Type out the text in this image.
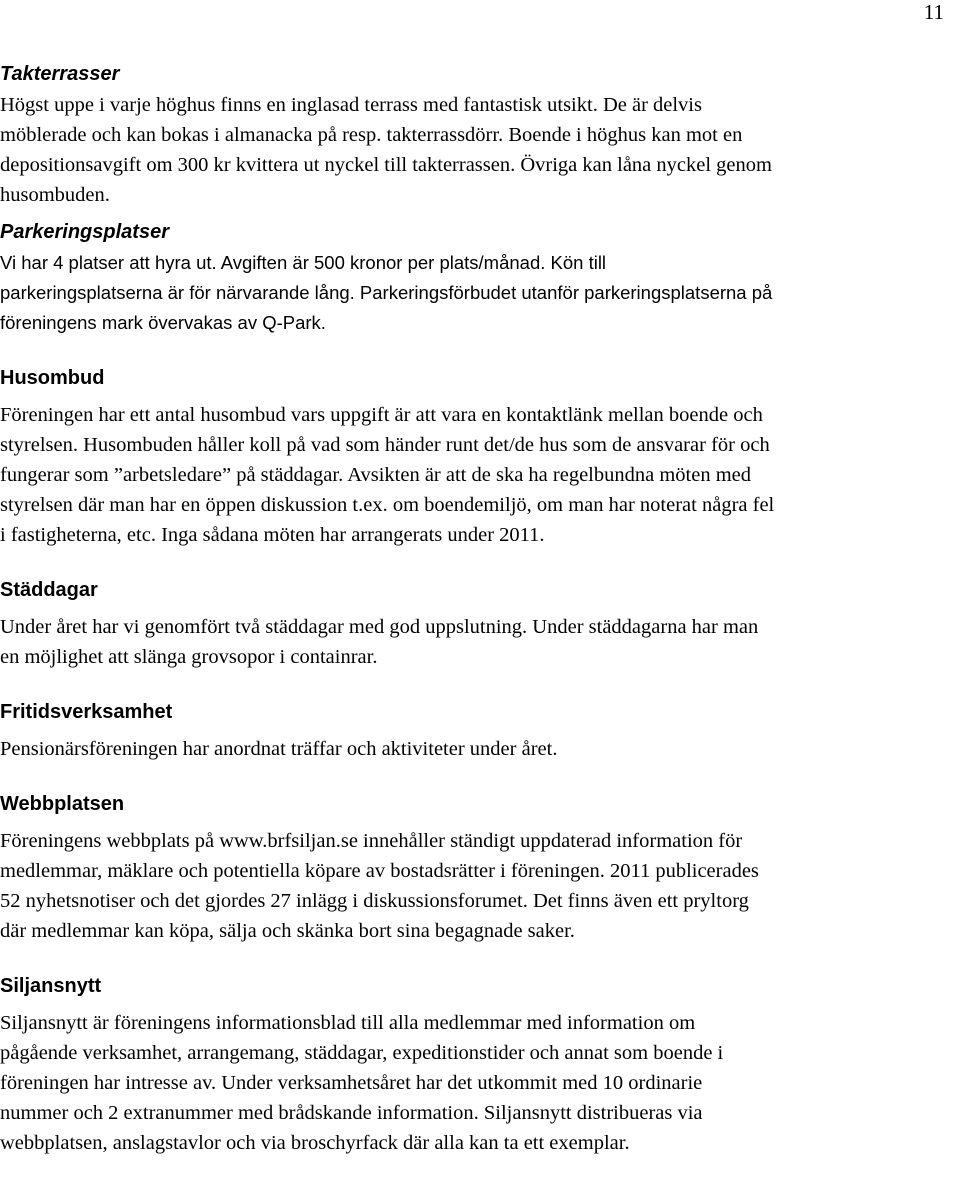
11
Takterrasser
Högst uppe i varje höghus finns en inglasad terrass med fantastisk utsikt. De är delvis
möblerade och kan bokas i almanacka på resp. takterrassdörr. Boende i höghus kan mot en
depositionsavgift om 300 kr kvittera ut nyckel till takterrassen. Övriga kan låna nyckel genom
husombuden.
Parkeringsplatser
Vi har 4 platser att hyra ut. Avgiften är 500 kronor per plats/månad. Kön till
parkeringsplatserna är för närvarande lång. Parkeringsförbudet utanför parkeringsplatserna på
föreningens mark övervakas av Q-Park.
Husombud
Föreningen har ett antal husombud vars uppgift är att vara en kontaktlänk mellan boende och
styrelsen. Husombuden håller koll på vad som händer runt det/de hus som de ansvarar för och
fungerar som ”arbetsledare” på städdagar. Avsikten är att de ska ha regelbundna möten med
styrelsen där man har en öppen diskussion t.ex. om boendemiljö, om man har noterat några fel
i fastigheterna, etc. Inga sådana möten har arrangerats under 2011.
Städdagar
Under året har vi genomfört två städdagar med god uppslutning. Under städdagarna har man
en möjlighet att slänga grovsopor i containrar.
Fritidsverksamhet
Pensionärsföreningen har anordnat träffar och aktiviteter under året.
Webbplatsen
Föreningens webbplats på www.brfsiljan.se innehåller ständigt uppdaterad information för
medlemmar, mäklare och potentiella köpare av bostadsrätter i föreningen. 2011 publicerades
52 nyhetsnotiser och det gjordes 27 inlägg i diskussionsforumet. Det finns även ett pryltorg
där medlemmar kan köpa, sälja och skänka bort sina begagnade saker.
Siljansnytt
Siljansnytt är föreningens informationsblad till alla medlemmar med information om
pågående verksamhet, arrangemang, städdagar, expeditionstider och annat som boende i
föreningen har intresse av. Under verksamhetsåret har det utkommit med 10 ordinarie
nummer och 2 extranummer med brådskande information. Siljansnytt distribueras via
webbplatsen, anslagstavlor och via broschyrfack där alla kan ta ett exemplar.
